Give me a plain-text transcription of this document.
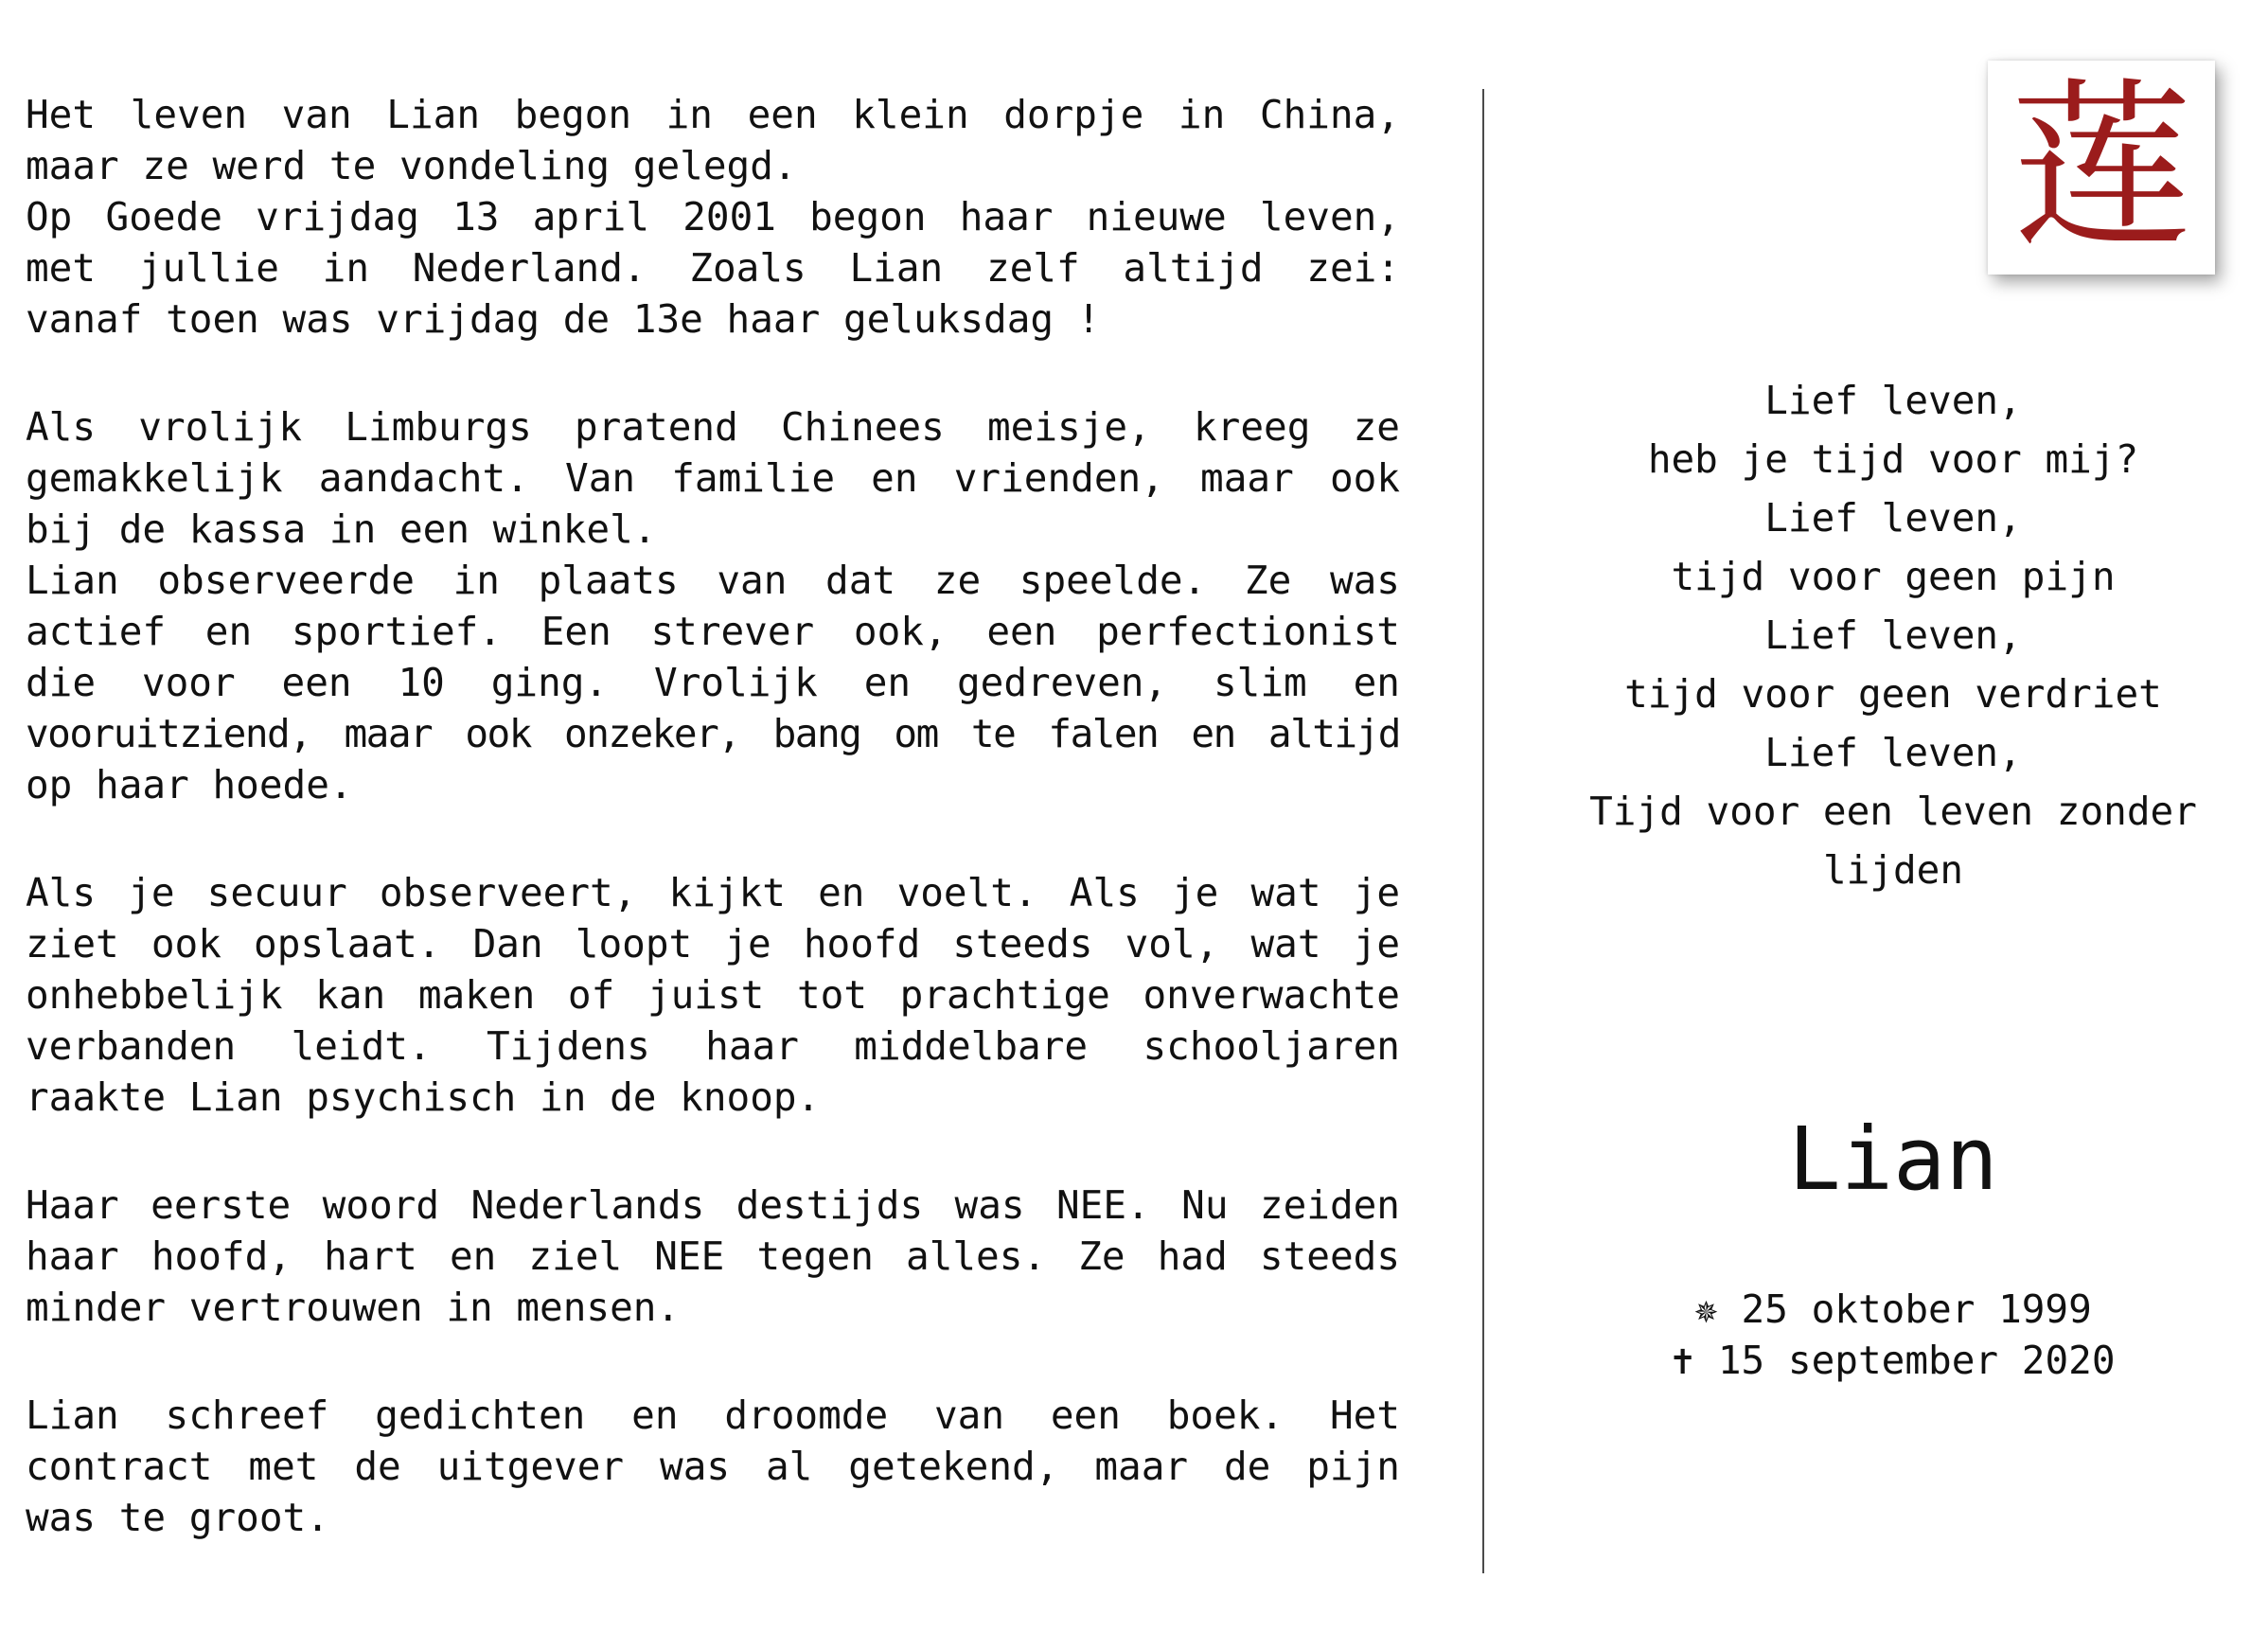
Het leven van Lian begon in een klein dorpje in China,
maar ze werd te vondeling gelegd.
Op Goede vrijdag 13 april 2001 begon haar nieuwe leven,
met jullie in Nederland. Zoals Lian zelf altijd zei:
vanaf toen was vrijdag de 13e haar geluksdag !
Als vrolijk Limburgs pratend Chinees meisje, kreeg ze
gemakkelijk aandacht. Van familie en vrienden, maar ook
bij de kassa in een winkel.
Lian observeerde in plaats van dat ze speelde. Ze was
actief en sportief. Een strever ook, een perfectionist
die voor een 10 ging. Vrolijk en gedreven, slim en
vooruitziend, maar ook onzeker, bang om te falen en altijd
op haar hoede.
Als je secuur observeert, kijkt en voelt. Als je wat je
ziet ook opslaat. Dan loopt je hoofd steeds vol, wat je
onhebbelijk kan maken of juist tot prachtige onverwachte
verbanden leidt. Tijdens haar middelbare schooljaren
raakte Lian psychisch in de knoop.
Haar eerste woord Nederlands destijds was NEE. Nu zeiden
haar hoofd, hart en ziel NEE tegen alles. Ze had steeds
minder vertrouwen in mensen.
Lian schreef gedichten en droomde van een boek. Het
contract met de uitgever was al getekend, maar de pijn
was te groot.
莲
Lief leven,
heb je tijd voor mij?
Lief leven,
tijd voor geen pijn
Lief leven,
tijd voor geen verdriet
Lief leven,
Tijd voor een leven zonder
lijden
Lian
✵ 25 oktober 1999
✝ 15 september 2020
